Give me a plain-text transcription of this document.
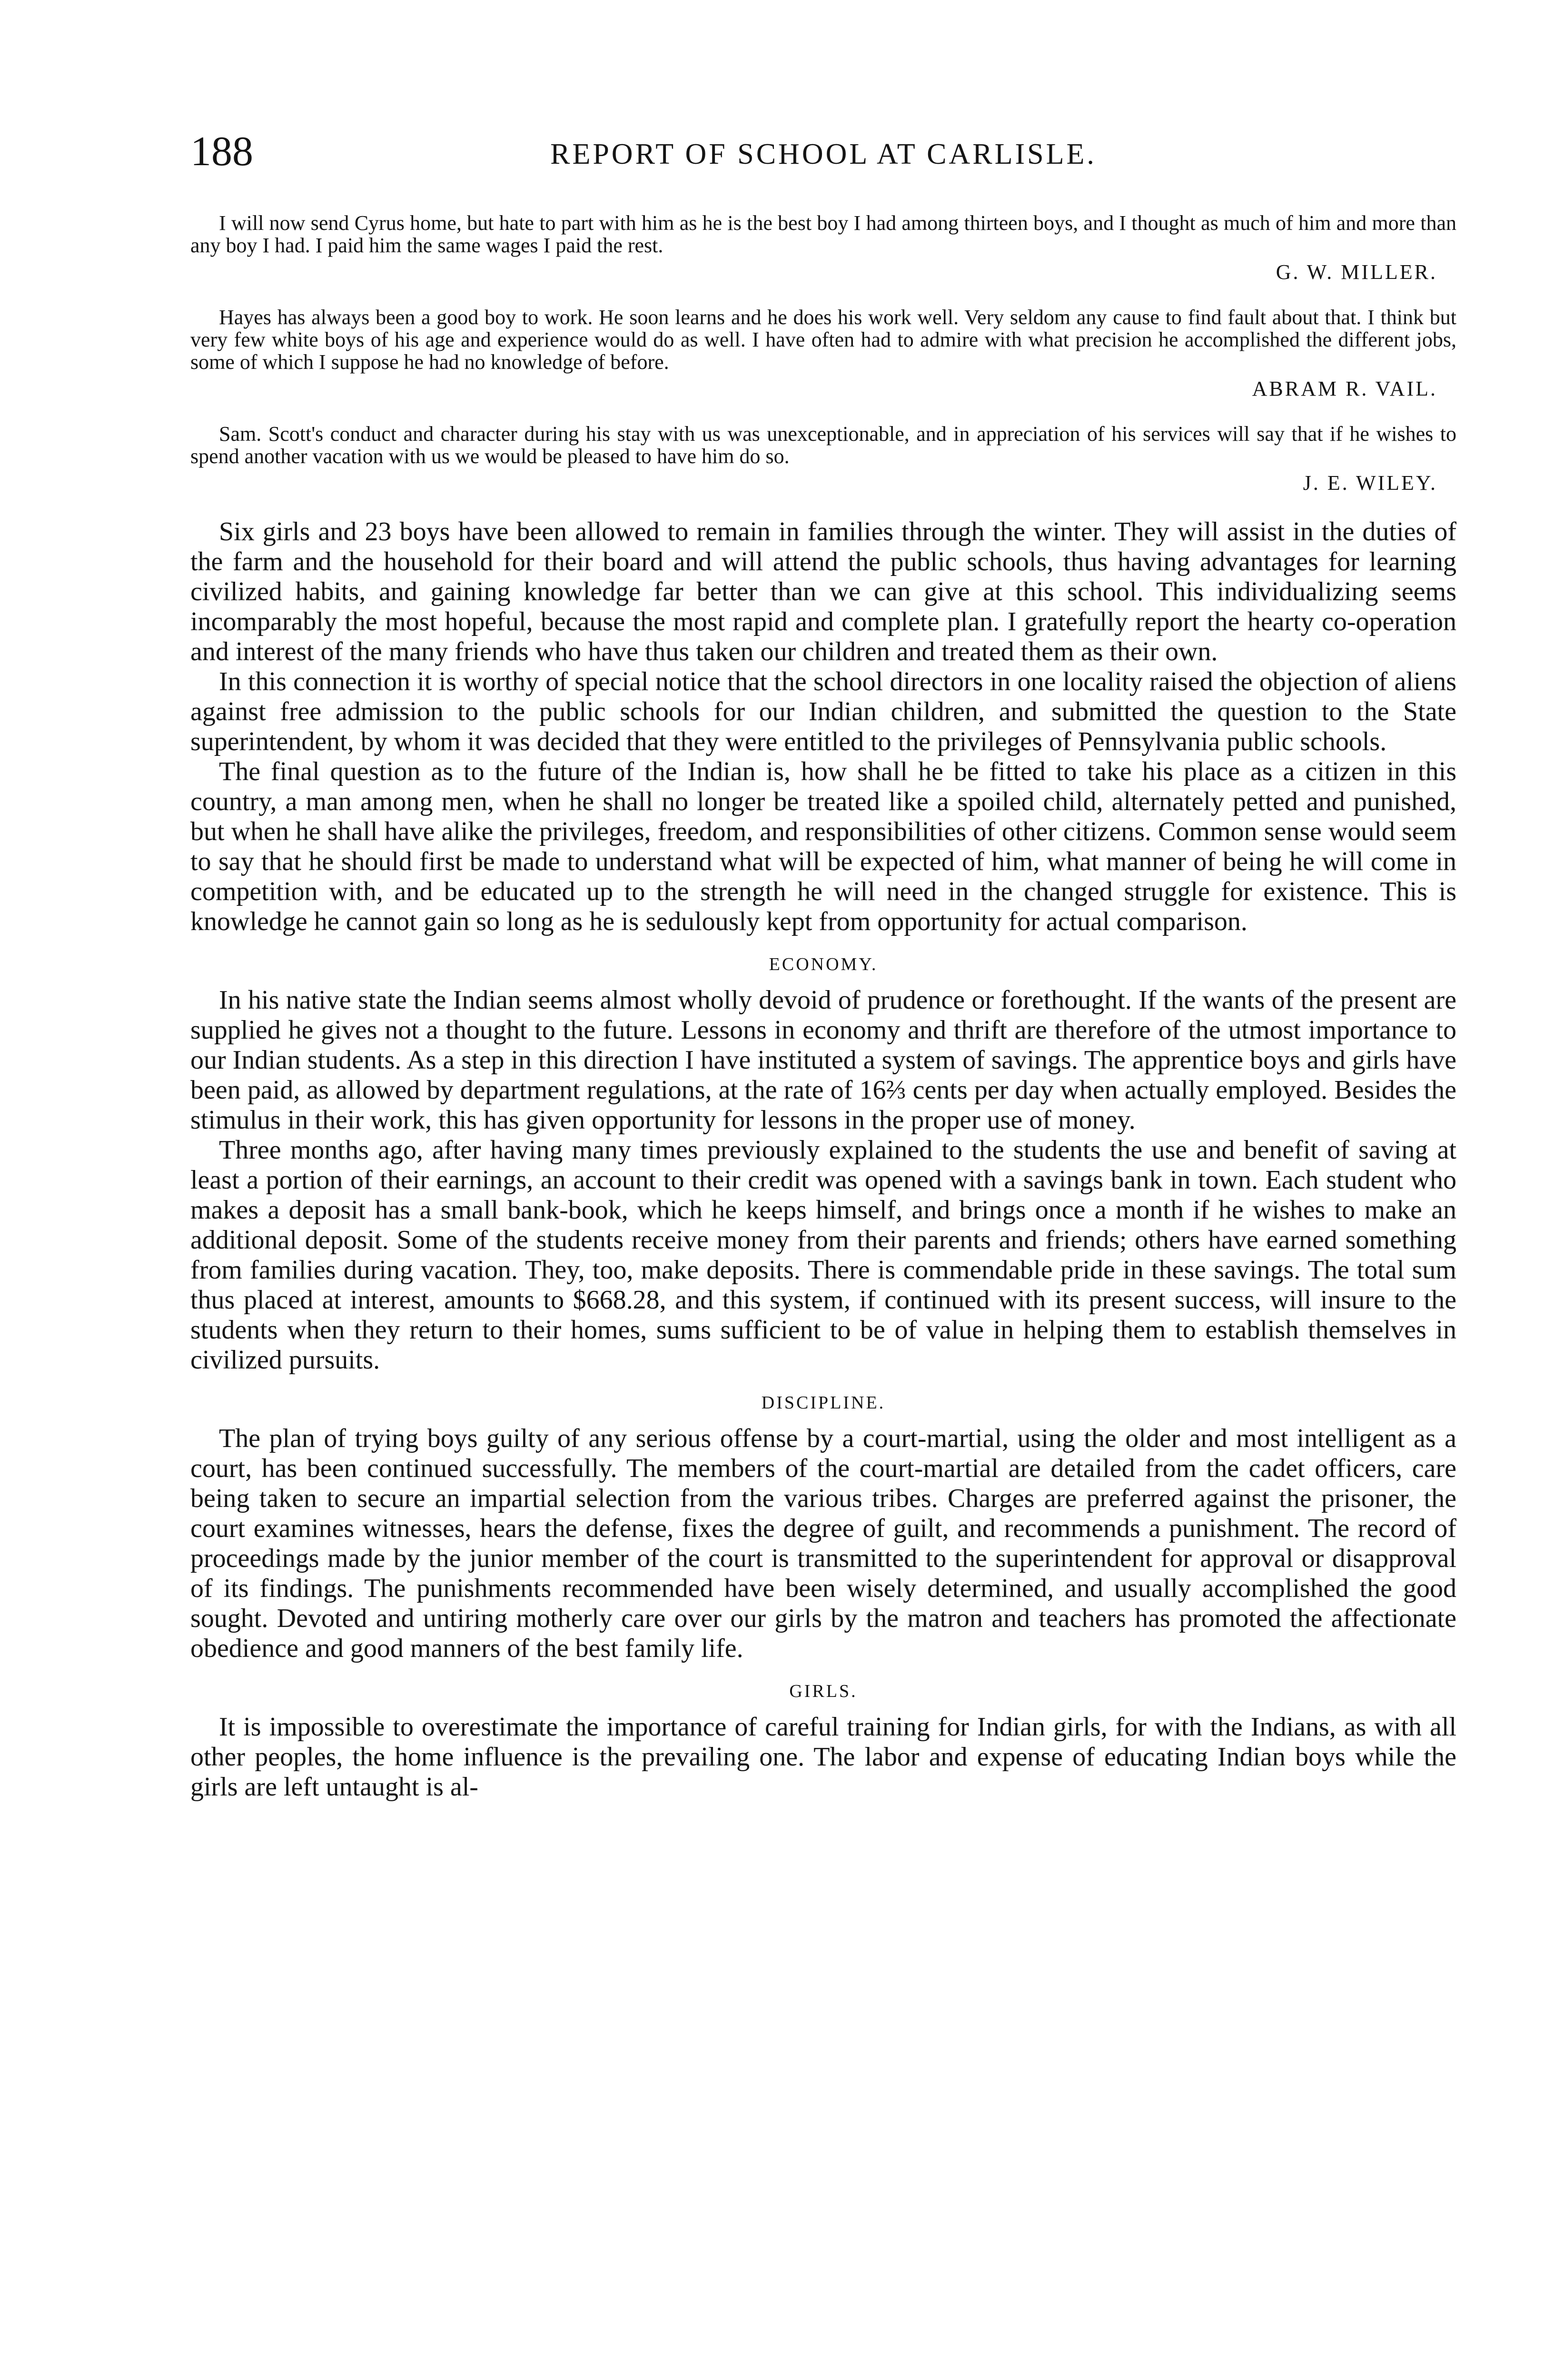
188	REPORT OF SCHOOL AT CARLISLE.

I will now send Cyrus home, but hate to part with him as he is the best boy I had among thirteen boys, and I thought as much of him and more than any boy I had. I paid him the same wages I paid the rest.

G. W. MILLER.

Hayes has always been a good boy to work. He soon learns and he does his work well. Very seldom any cause to find fault about that. I think but very few white boys of his age and experience would do as well. I have often had to admire with what precision he accomplished the different jobs, some of which I suppose he had no knowledge of before.

ABRAM R. VAIL.

Sam. Scott's conduct and character during his stay with us was unexceptionable, and in appreciation of his services will say that if he wishes to spend another vacation with us we would be pleased to have him do so.

J. E. WILEY.

Six girls and 23 boys have been allowed to remain in families through the winter. They will assist in the duties of the farm and the household for their board and will attend the public schools, thus having advantages for learning civilized habits, and gaining knowledge far better than we can give at this school. This individualizing seems incomparably the most hopeful, because the most rapid and complete plan. I gratefully report the hearty co-operation and interest of the many friends who have thus taken our children and treated them as their own.

In this connection it is worthy of special notice that the school directors in one locality raised the objection of aliens against free admission to the public schools for our Indian children, and submitted the question to the State superintendent, by whom it was decided that they were entitled to the privileges of Pennsylvania public schools.

The final question as to the future of the Indian is, how shall he be fitted to take his place as a citizen in this country, a man among men, when he shall no longer be treated like a spoiled child, alternately petted and punished, but when he shall have alike the privileges, freedom, and responsibilities of other citizens. Common sense would seem to say that he should first be made to understand what will be expected of him, what manner of being he will come in competition with, and be educated up to the strength he will need in the changed struggle for existence. This is knowledge he cannot gain so long as he is sedulously kept from opportunity for actual comparison.

ECONOMY.

In his native state the Indian seems almost wholly devoid of prudence or forethought. If the wants of the present are supplied he gives not a thought to the future. Lessons in economy and thrift are therefore of the utmost importance to our Indian students. As a step in this direction I have instituted a system of savings. The apprentice boys and girls have been paid, as allowed by department regulations, at the rate of 16⅔ cents per day when actually employed. Besides the stimulus in their work, this has given opportunity for lessons in the proper use of money.

Three months ago, after having many times previously explained to the students the use and benefit of saving at least a portion of their earnings, an account to their credit was opened with a savings bank in town. Each student who makes a deposit has a small bank-book, which he keeps himself, and brings once a month if he wishes to make an additional deposit. Some of the students receive money from their parents and friends; others have earned something from families during vacation. They, too, make deposits. There is commendable pride in these savings. The total sum thus placed at interest, amounts to $668.28, and this system, if continued with its present success, will insure to the students when they return to their homes, sums sufficient to be of value in helping them to establish themselves in civilized pursuits.

DISCIPLINE.

The plan of trying boys guilty of any serious offense by a court-martial, using the older and most intelligent as a court, has been continued successfully. The members of the court-martial are detailed from the cadet officers, care being taken to secure an impartial selection from the various tribes. Charges are preferred against the prisoner, the court examines witnesses, hears the defense, fixes the degree of guilt, and recommends a punishment. The record of proceedings made by the junior member of the court is transmitted to the superintendent for approval or disapproval of its findings. The punishments recommended have been wisely determined, and usually accomplished the good sought. Devoted and untiring motherly care over our girls by the matron and teachers has promoted the affectionate obedience and good manners of the best family life.

GIRLS.

It is impossible to overestimate the importance of careful training for Indian girls, for with the Indians, as with all other peoples, the home influence is the prevailing one. The labor and expense of educating Indian boys while the girls are left untaught is al-
